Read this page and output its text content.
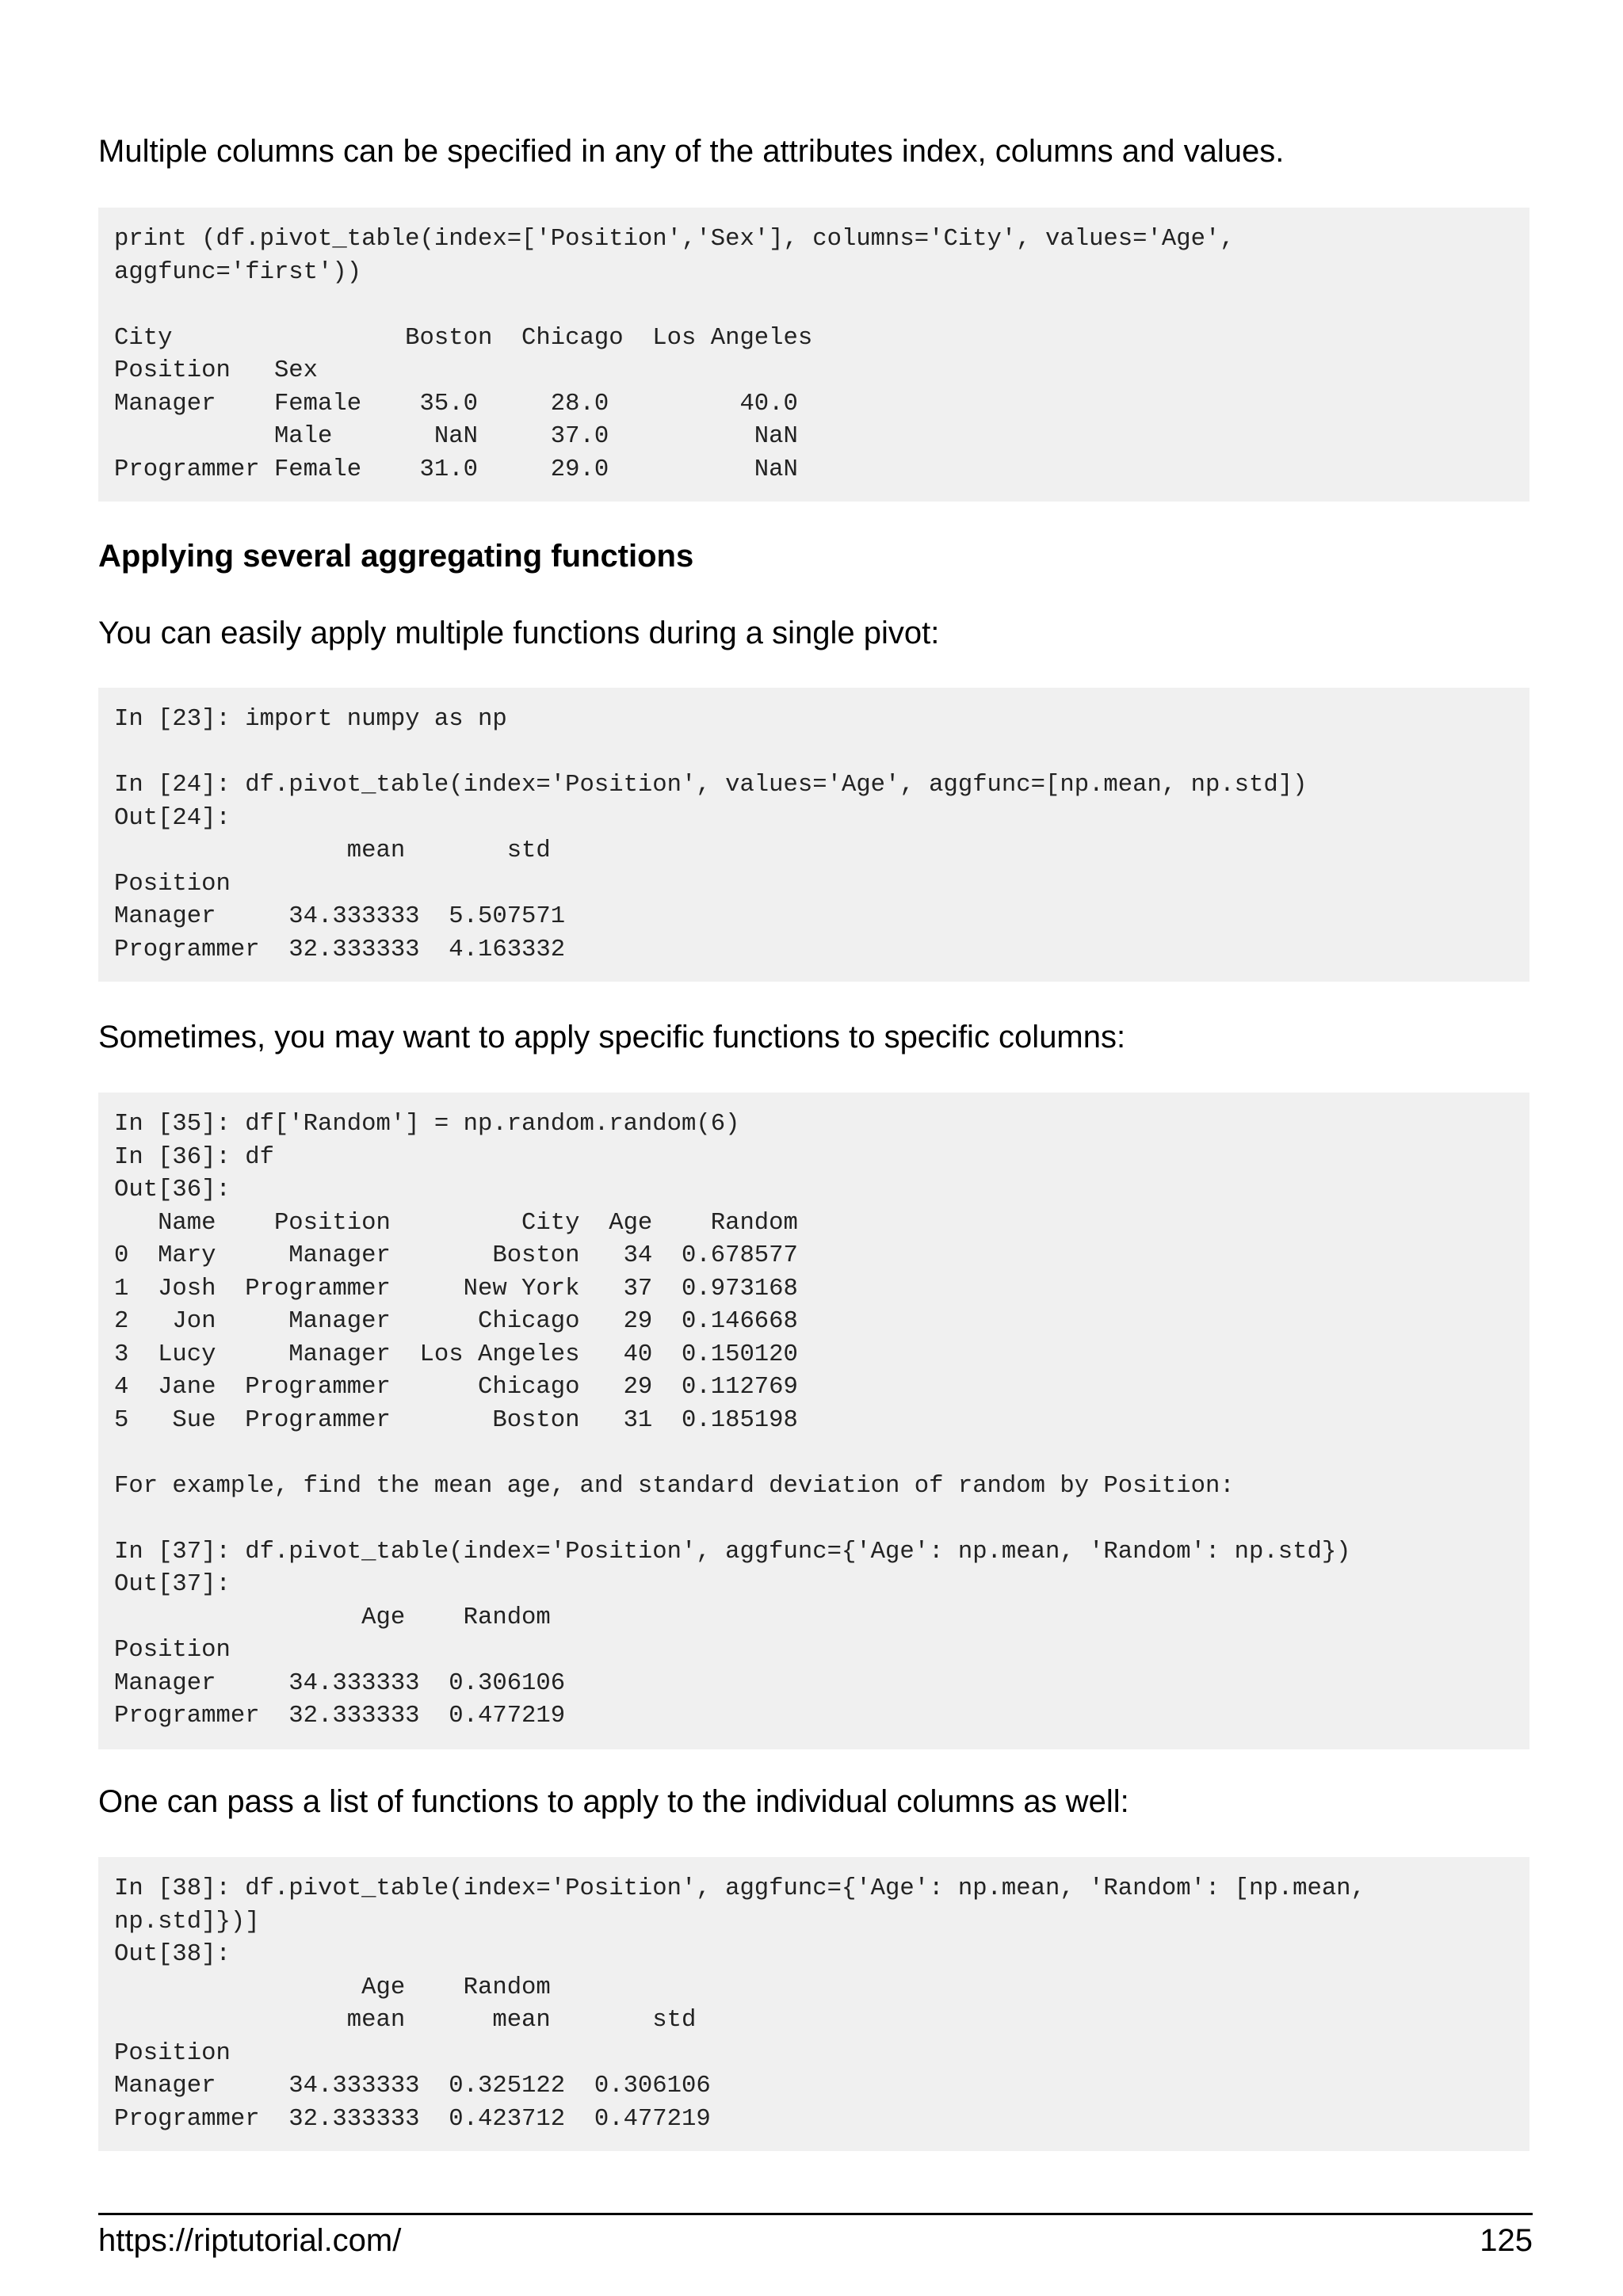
Multiple columns can be specified in any of the attributes index, columns and values.

print (df.pivot_table(index=['Position','Sex'], columns='City', values='Age',
aggfunc='first'))

City                Boston  Chicago  Los Angeles
Position   Sex
Manager    Female    35.0     28.0         40.0
Male       NaN     37.0          NaN
Programmer Female    31.0     29.0          NaN
Applying several aggregating functions

You can easily apply multiple functions during a single pivot:

In [23]: import numpy as np

In [24]: df.pivot_table(index='Position', values='Age', aggfunc=[np.mean, np.std])
Out[24]:
mean       std
Position
Manager     34.333333  5.507571
Programmer  32.333333  4.163332

Sometimes, you may want to apply specific functions to specific columns:

In [35]: df['Random'] = np.random.random(6)
In [36]: df
Out[36]:
Name    Position         City  Age    Random
0  Mary     Manager       Boston   34  0.678577
1  Josh  Programmer     New York   37  0.973168
2   Jon     Manager      Chicago   29  0.146668
3  Lucy     Manager  Los Angeles   40  0.150120
4  Jane  Programmer      Chicago   29  0.112769
5   Sue  Programmer       Boston   31  0.185198

For example, find the mean age, and standard deviation of random by Position:

In [37]: df.pivot_table(index='Position', aggfunc={'Age': np.mean, 'Random': np.std})
Out[37]:
Age    Random
Position
Manager     34.333333  0.306106
Programmer  32.333333  0.477219

One can pass a list of functions to apply to the individual columns as well:

In [38]: df.pivot_table(index='Position', aggfunc={'Age': np.mean, 'Random': [np.mean,
np.std]})]
Out[38]:
Age    Random
mean      mean       std
Position
Manager     34.333333  0.325122  0.306106
Programmer  32.333333  0.423712  0.477219
https://riptutorial.com/	125
